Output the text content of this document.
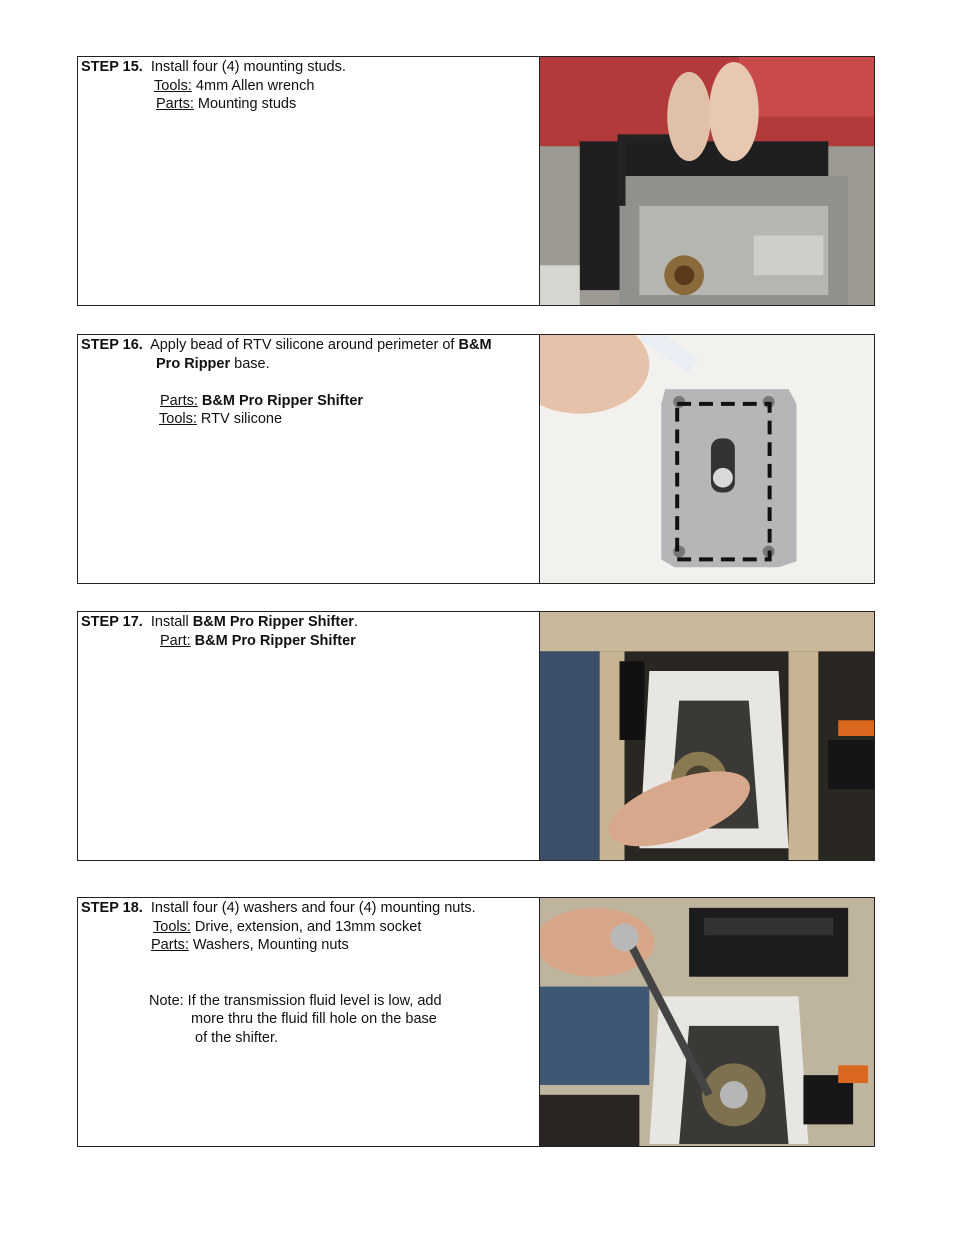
STEP 15. Install four (4) mounting studs.
Tools: 4mm Allen wrench
Parts: Mounting studs
STEP 16. Apply bead of RTV silicone around perimeter of B&M
Pro Ripper base.

Parts: B&M Pro Ripper Shifter
Tools: RTV silicone
STEP 17. Install B&M Pro Ripper Shifter.
Part: B&M Pro Ripper Shifter
STEP 18. Install four (4) washers and four (4) mounting nuts.
Tools: Drive, extension, and 13mm socket
Parts: Washers, Mounting nuts

Note: If the transmission fluid level is low, add
more thru the fluid fill hole on the base
of the shifter.
